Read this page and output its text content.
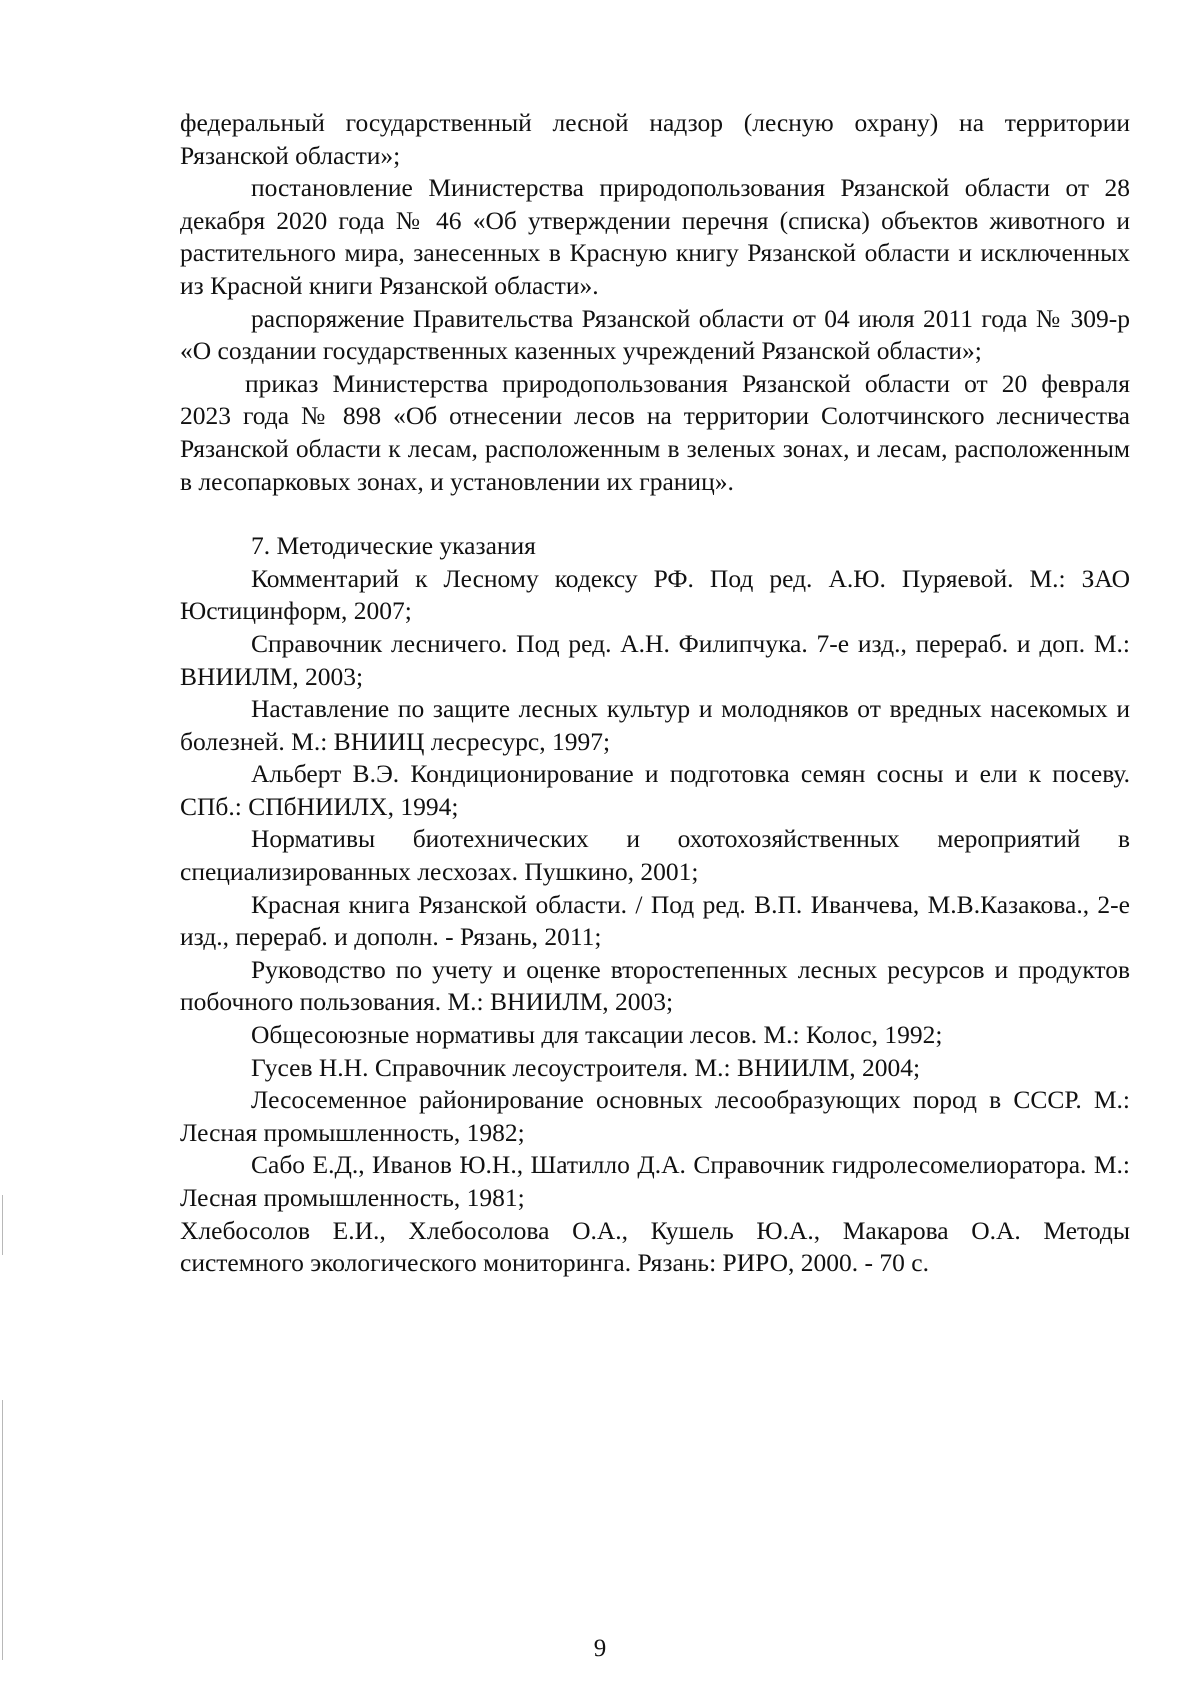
федеральный государственный лесной надзор (лесную охрану) на территории Рязанской области»;

постановление Министерства природопользования Рязанской области от 28 декабря 2020 года № 46 «Об утверждении перечня (списка) объектов животного и растительного мира, занесенных в Красную книгу Рязанской области и исключенных из Красной книги Рязанской области».

распоряжение Правительства Рязанской области от 04 июля 2011 года № 309-р «О создании государственных казенных учреждений Рязанской области»;

приказ Министерства природопользования Рязанской области от 20 февраля 2023 года № 898 «Об отнесении лесов на территории Солотчинского лесничества Рязанской области к лесам, расположенным в зеленых зонах, и лесам, расположенным в лесопарковых зонах, и установлении их границ».

7. Методические указания

Комментарий к Лесному кодексу РФ. Под ред. А.Ю. Пуряевой. М.: ЗАО Юстицинформ, 2007;

Справочник лесничего. Под ред. А.Н. Филипчука. 7-е изд., перераб. и доп. М.: ВНИИЛМ, 2003;

Наставление по защите лесных культур и молодняков от вредных насекомых и болезней. М.: ВНИИЦ лесресурс, 1997;

Альберт В.Э. Кондиционирование и подготовка семян сосны и ели к посеву. СПб.: СПбНИИЛХ, 1994;

Нормативы биотехнических и охотохозяйственных мероприятий в специализированных лесхозах. Пушкино, 2001;

Красная книга Рязанской области. / Под ред. В.П. Иванчева, М.В.Казакова., 2-е изд., перераб. и дополн. - Рязань, 2011;

Руководство по учету и оценке второстепенных лесных ресурсов и продуктов побочного пользования. М.: ВНИИЛМ, 2003;

Общесоюзные нормативы для таксации лесов. М.: Колос, 1992;

Гусев Н.Н. Справочник лесоустроителя. М.: ВНИИЛМ, 2004;

Лесосеменное районирование основных лесообразующих пород в СССР. М.: Лесная промышленность, 1982;

Сабо Е.Д., Иванов Ю.Н., Шатилло Д.А. Справочник гидролесомелиоратора. М.: Лесная промышленность, 1981;

Хлебосолов Е.И., Хлебосолова О.А., Кушель Ю.А., Макарова О.А. Методы системного экологического мониторинга. Рязань: РИРО, 2000. - 70 с.

9
